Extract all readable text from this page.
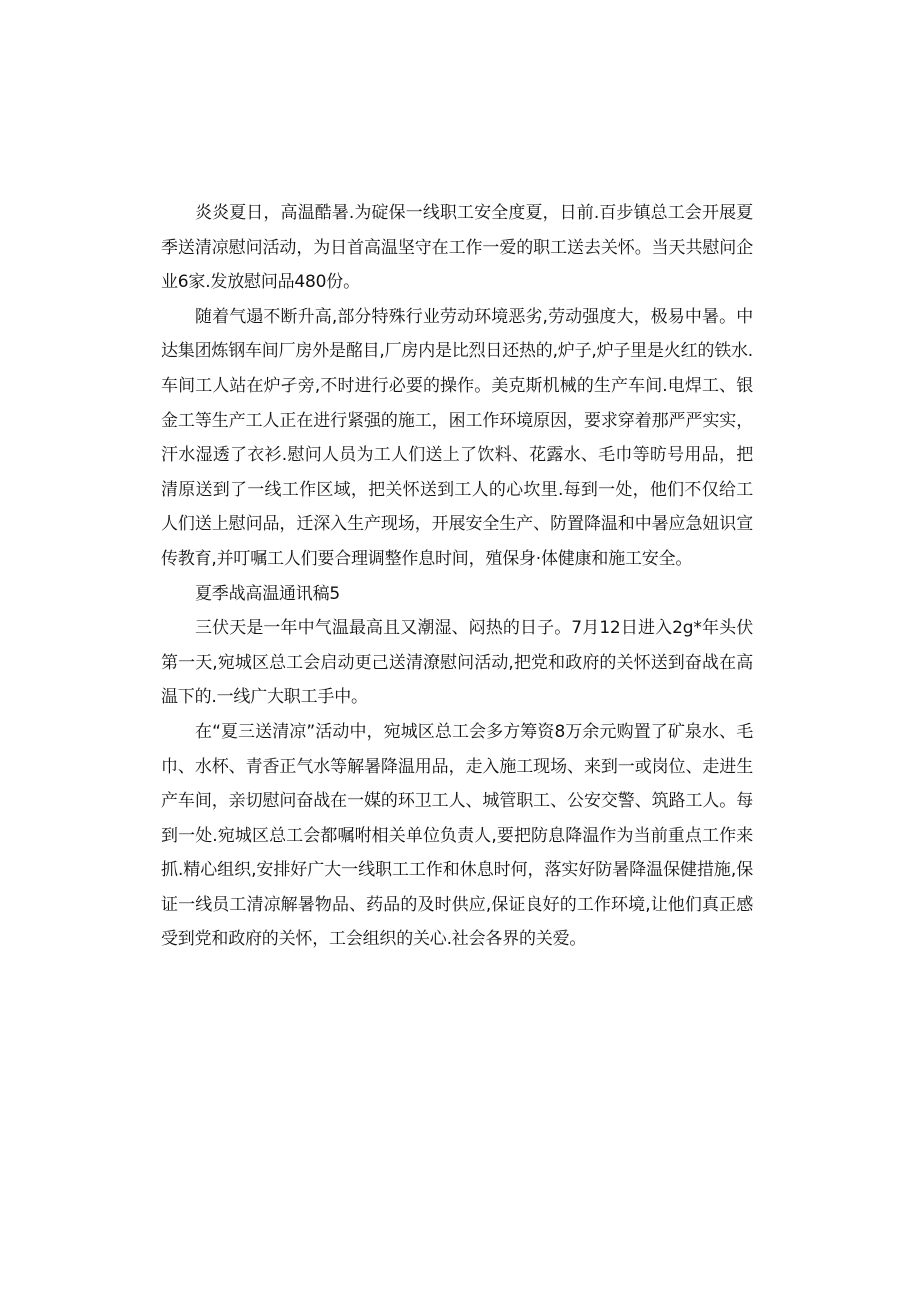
炎炎夏日，高温酷暑.为碇保一线职工安全度夏，日前.百步镇总工会开展夏季送清凉慰问活动，为日首高温坚守在工作一爱的职工送去关怀。当天共慰问企业6家.发放慰问品480份。

随着气遢不断升高,部分特殊行业劳动环境恶劣,劳动强度大，极易中暑。中达集团炼钢车间厂房外是酩目,厂房内是比烈日还热的,炉子,炉子里是火红的铁水.车间工人站在炉孑旁,不时进行必要的操作。美克斯机械的生产车间.电焊工、银金工等生产工人正在进行紧强的施工，困工作环境原因，要求穿着那严严实实，汗水湿透了衣衫.慰问人员为工人们送上了饮料、花露水、毛巾等昉号用品，把清原送到了一线工作区域，把关怀送到工人的心坎里.每到一处，他们不仅给工人们送上慰问品，迁深入生产现场，开展安全生产、防置降温和中暑应急妞识宣传教育,并叮嘱工人们要合理调整作息时间，殖保身·体健康和施工安全。

夏季战高温通讯稿5

三伏天是一年中气温最高且又潮湿、闷热的日子。7月12日进入2g*年头伏第一天,宛城区总工会启动更己送清潦慰问活动,把党和政府的关怀送到奋战在高温下的.一线广大职工手中。

在“夏三送清凉”活动中，宛城区总工会多方筹资8万余元购置了矿泉水、毛巾、水杯、青香正气水等解暑降温用品，走入施工现场、来到一或岗位、走进生产车间，亲切慰问奋战在一媒的环卫工人、城管职工、公安交警、筑路工人。每到一处.宛城区总工会都嘱咐相关单位负责人,要把防息降温作为当前重点工作来抓.精心组织,安排好广大一线职工工作和休息时何，落实好防暑降温保健措施,保证一线员工清凉解暑物品、药品的及时供应,保证良好的工作环境,让他们真正感受到党和政府的关怀，工会组织的关心.社会各界的关爱。
